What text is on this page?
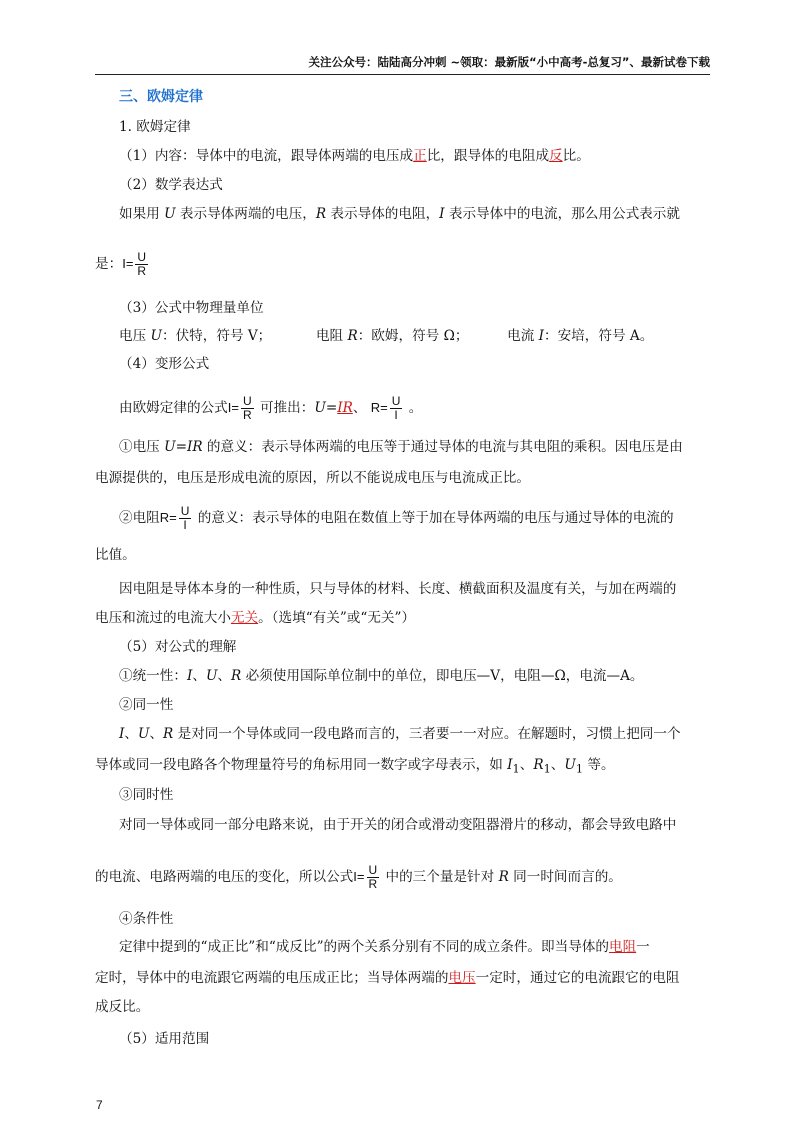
关注公众号：陆陆高分冲刺 ~领取：最新版“小中高考-总复习”、最新试卷下载
三、欧姆定律
1. 欧姆定律
（1）内容：导体中的电流，跟导体两端的电压成正比，跟导体的电阻成反比。
（2）数学表达式
如果用 U 表示导体两端的电压，R 表示导体的电阻，I 表示导体中的电流，那么用公式表示就
是：$I= \frac{U}{R}$
（3）公式中物理量单位
电压 U：伏特，符号 V；	电阻 R：欧姆，符号 Ω；	电流 I：安培，符号 A。
（4）变形公式
由欧姆定律的公式$I= \frac{U}{R}$ 可推出：U=IR、 $R= \frac{U}{I}$ 。
①电压 U=IR 的意义：表示导体两端的电压等于通过导体的电流与其电阻的乘积。因电压是由
电源提供的，电压是形成电流的原因，所以不能说成电压与电流成正比。
②电阻$R= \frac{U}{I}$ 的意义：表示导体的电阻在数值上等于加在导体两端的电压与通过导体的电流的
比值。
因电阻是导体本身的一种性质，只与导体的材料、长度、横截面积及温度有关，与加在两端的
电压和流过的电流大小无关。（选填“有关”或“无关”）
（5）对公式的理解
①统一性：I、U、R 必须使用国际单位制中的单位，即电压—V，电阻—Ω，电流—A。
②同一性
I、U、R 是对同一个导体或同一段电路而言的，三者要一一对应。在解题时，习惯上把同一个
导体或同一段电路各个物理量符号的角标用同一数字或字母表示，如 $I_1$、$R_1$、$U_1$ 等。
③同时性
对同一导体或同一部分电路来说，由于开关的闭合或滑动变阻器滑片的移动，都会导致电路中
的电流、电路两端的电压的变化，所以公式$I= \frac{U}{R}$ 中的三个量是针对 R 同一时间而言的。
④条件性
定律中提到的“成正比”和“成反比”的两个关系分别有不同的成立条件。即当导体的电阻一
定时，导体中的电流跟它两端的电压成正比；当导体两端的电压一定时，通过它的电流跟它的电阻
成反比。
（5）适用范围
7
